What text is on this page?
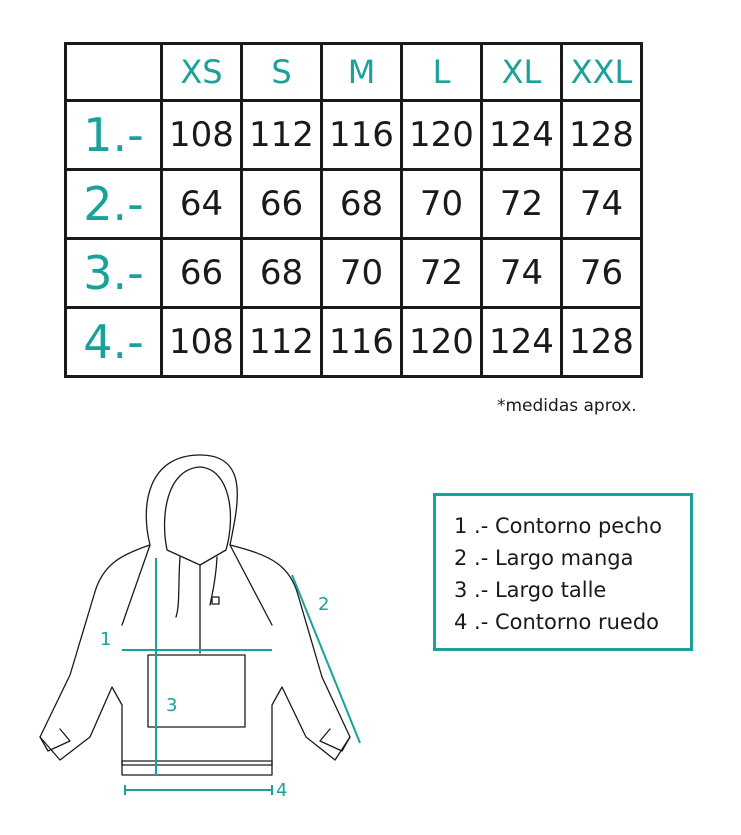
	XS	S	M	L	XL	XXL
1.-	108	112	116	120	124	128
2.-	64	66	68	70	72	74
3.-	66	68	70	72	74	76
4.-	108	112	116	120	124	128
*medidas aprox.
1 .- Contorno pecho
2 .- Largo manga
3 .- Largo talle
4 .- Contorno ruedo
1
2
3
4
